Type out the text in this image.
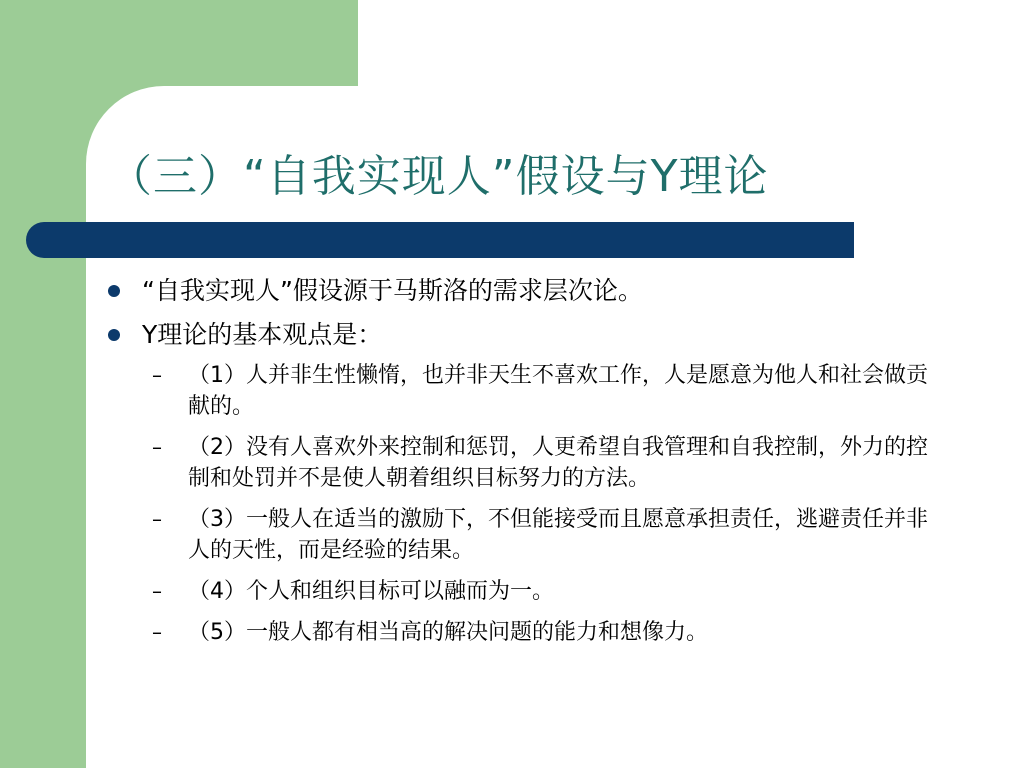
（三）“自我实现人”假设与Y理论
“自我实现人”假设源于马斯洛的需求层次论。
Y理论的基本观点是：
– （1）人并非生性懒惰，也并非天生不喜欢工作，人是愿意为他人和社会做贡献的。
– （2）没有人喜欢外来控制和惩罚，人更希望自我管理和自我控制，外力的控制和处罚并不是使人朝着组织目标努力的方法。
– （3）一般人在适当的激励下，不但能接受而且愿意承担责任，逃避责任并非人的天性，而是经验的结果。
– （4）个人和组织目标可以融而为一。
– （5）一般人都有相当高的解决问题的能力和想像力。
